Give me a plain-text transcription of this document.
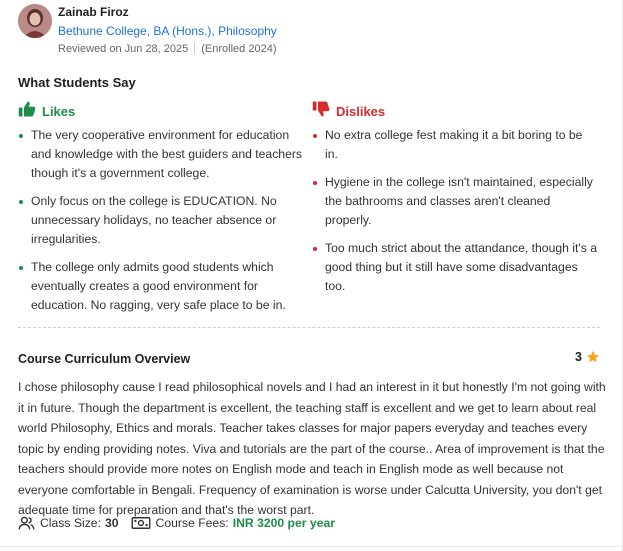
Zainab Firoz
Bethune College, BA (Hons.), Philosophy
Reviewed on Jun 28, 2025 (Enrolled 2024)
What Students Say
Likes
The very cooperative environment for education and knowledge with the best guiders and teachers though it's a government college.
Only focus on the college is EDUCATION. No unnecessary holidays, no teacher absence or irregularities.
The college only admits good students which eventually creates a good environment for education. No ragging, very safe place to be in.
Dislikes
No extra college fest making it a bit boring to be in.
Hygiene in the college isn't maintained, especially the bathrooms and classes aren't cleaned properly.
Too much strict about the attandance, though it's a good thing but it still have some disadvantages too.
Course Curriculum Overview	3
I chose philosophy cause I read philosophical novels and I had an interest in it but honestly I'm not going with it in future. Though the department is excellent, the teaching staff is excellent and we get to learn about real world Philosophy, Ethics and morals. Teacher takes classes for major papers everyday and teaches every topic by ending providing notes. Viva and tutorials are the part of the course.. Area of improvement is that the teachers should provide more notes on English mode and teach in English mode as well because not everyone comfortable in Bengali. Frequency of examination is worse under Calcutta University, you don't get adequate time for preparation and that's the worst part.
Class Size: 30	Course Fees: INR 3200 per year
